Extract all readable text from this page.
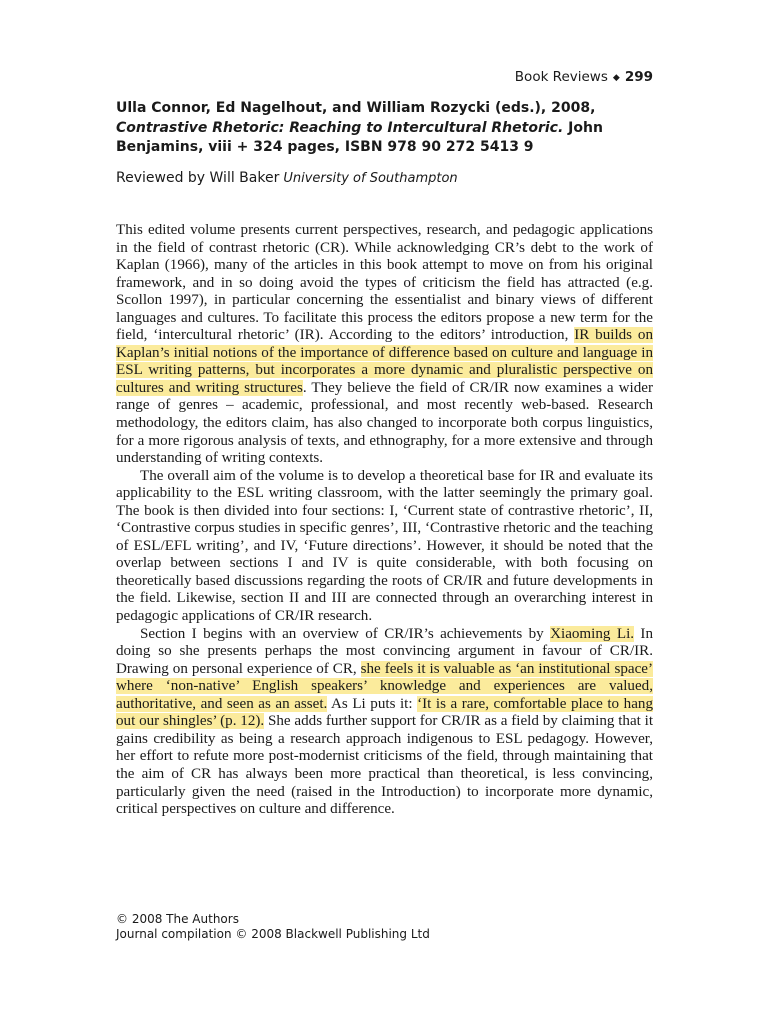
Book Reviews ◆ 299
Ulla Connor, Ed Nagelhout, and William Rozycki (eds.), 2008, Contrastive Rhetoric: Reaching to Intercultural Rhetoric. John Benjamins, viii + 324 pages, ISBN 978 90 272 5413 9
Reviewed by Will Baker University of Southampton

This edited volume presents current perspectives, research, and pedagogic applications in the field of contrast rhetoric (CR). While acknowledging CR’s debt to the work of Kaplan (1966), many of the articles in this book attempt to move on from his original framework, and in so doing avoid the types of criticism the field has attracted (e.g. Scollon 1997), in particular concerning the essentialist and binary views of different languages and cultures. To facilitate this process the editors propose a new term for the field, ‘intercultural rhetoric’ (IR). According to the editors’ introduction, IR builds on Kaplan’s initial notions of the importance of difference based on culture and language in ESL writing patterns, but incorporates a more dynamic and pluralistic perspective on cultures and writing structures. They believe the field of CR/IR now examines a wider range of genres – academic, professional, and most recently web-based. Research methodology, the editors claim, has also changed to incorporate both corpus linguistics, for a more rigorous analysis of texts, and ethnography, for a more extensive and through understanding of writing contexts.

The overall aim of the volume is to develop a theoretical base for IR and evaluate its applicability to the ESL writing classroom, with the latter seemingly the primary goal. The book is then divided into four sections: I, ‘Current state of contrastive rhetoric’, II, ‘Contrastive corpus studies in specific genres’, III, ‘Contrastive rhetoric and the teaching of ESL/EFL writing’, and IV, ‘Future directions’. However, it should be noted that the overlap between sections I and IV is quite considerable, with both focusing on theoretically based discussions regarding the roots of CR/IR and future developments in the field. Likewise, section II and III are connected through an overarching interest in pedagogic applications of CR/IR research.

Section I begins with an overview of CR/IR’s achievements by Xiaoming Li. In doing so she presents perhaps the most convincing argument in favour of CR/IR. Drawing on personal experience of CR, she feels it is valuable as ‘an institutional space’ where ‘non-native’ English speakers’ knowledge and experiences are valued, authoritative, and seen as an asset. As Li puts it: ‘It is a rare, comfortable place to hang out our shingles’ (p. 12). She adds further support for CR/IR as a field by claiming that it gains credibility as being a research approach indigenous to ESL pedagogy. However, her effort to refute more post-modernist criticisms of the field, through maintaining that the aim of CR has always been more practical than theoretical, is less convincing, particularly given the need (raised in the Introduction) to incorporate more dynamic, critical perspectives on culture and difference.

© 2008 The Authors
Journal compilation © 2008 Blackwell Publishing Ltd
